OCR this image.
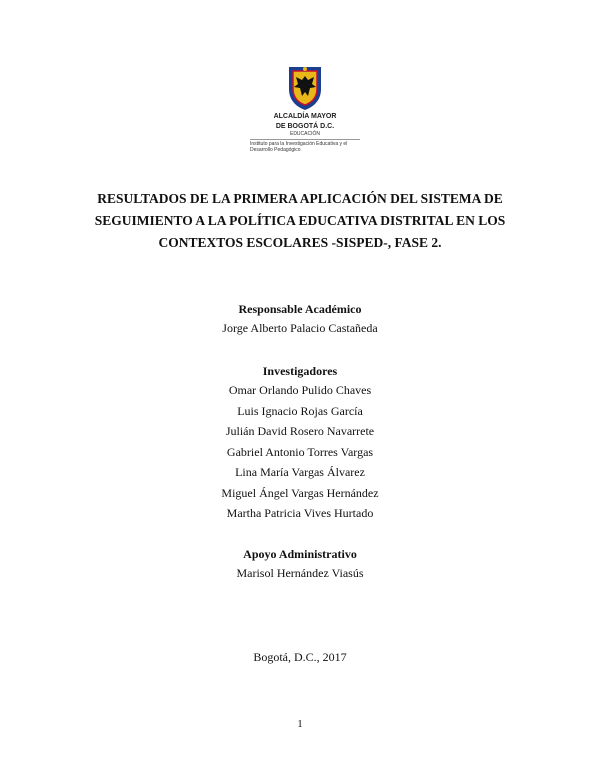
ALCALDÍA MAYOR
DE BOGOTÁ D.C.
EDUCACIÓN
Instituto para la Investigación Educativa y el
Desarrollo Pedagógico
RESULTADOS DE LA PRIMERA APLICACIÓN DEL SISTEMA DE
SEGUIMIENTO A LA POLÍTICA EDUCATIVA DISTRITAL EN LOS
CONTEXTOS ESCOLARES -SISPED-, FASE 2.
Responsable Académico
Jorge Alberto Palacio Castañeda
Investigadores
Omar Orlando Pulido Chaves
Luis Ignacio Rojas García
Julián David Rosero Navarrete
Gabriel Antonio Torres Vargas
Lina María Vargas Álvarez
Miguel Ángel Vargas Hernández
Martha Patricia Vives Hurtado
Apoyo Administrativo
Marisol Hernández Viasús
Bogotá, D.C., 2017
1
